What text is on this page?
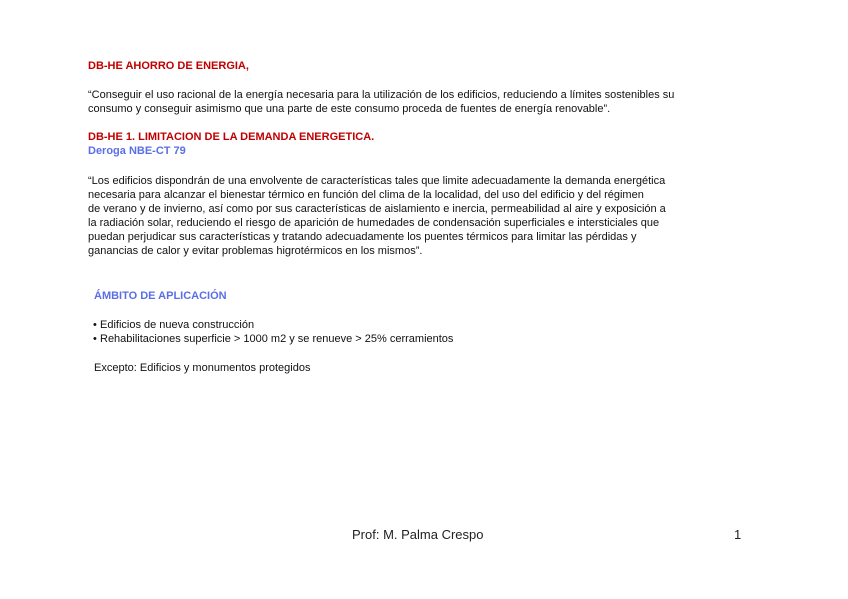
DB-HE AHORRO DE ENERGIA,
“Conseguir el uso racional de la energía necesaria para la utilización de los edificios, reduciendo a límites sostenibles su
consumo y conseguir asimismo que una parte de este consumo proceda de fuentes de energía renovable”.
DB-HE 1. LIMITACION DE LA DEMANDA ENERGETICA.
Deroga NBE-CT 79
“Los edificios dispondrán de una envolvente de características tales que limite adecuadamente la demanda energética
necesaria para alcanzar el bienestar térmico en función del clima de la localidad, del uso del edificio y del régimen
de verano y de invierno, así como por sus características de aislamiento e inercia, permeabilidad al aire y exposición a
la radiación solar, reduciendo el riesgo de aparición de humedades de condensación superficiales e intersticiales que
puedan perjudicar sus características y tratando adecuadamente los puentes térmicos para limitar las pérdidas y
ganancias de calor y evitar problemas higrotérmicos en los mismos”.
ÁMBITO DE APLICACIÓN
• Edificios de nueva construcción
• Rehabilitaciones superficie > 1000 m2 y se renueve > 25% cerramientos
Excepto: Edificios y monumentos protegidos
Prof: M. Palma Crespo	1
